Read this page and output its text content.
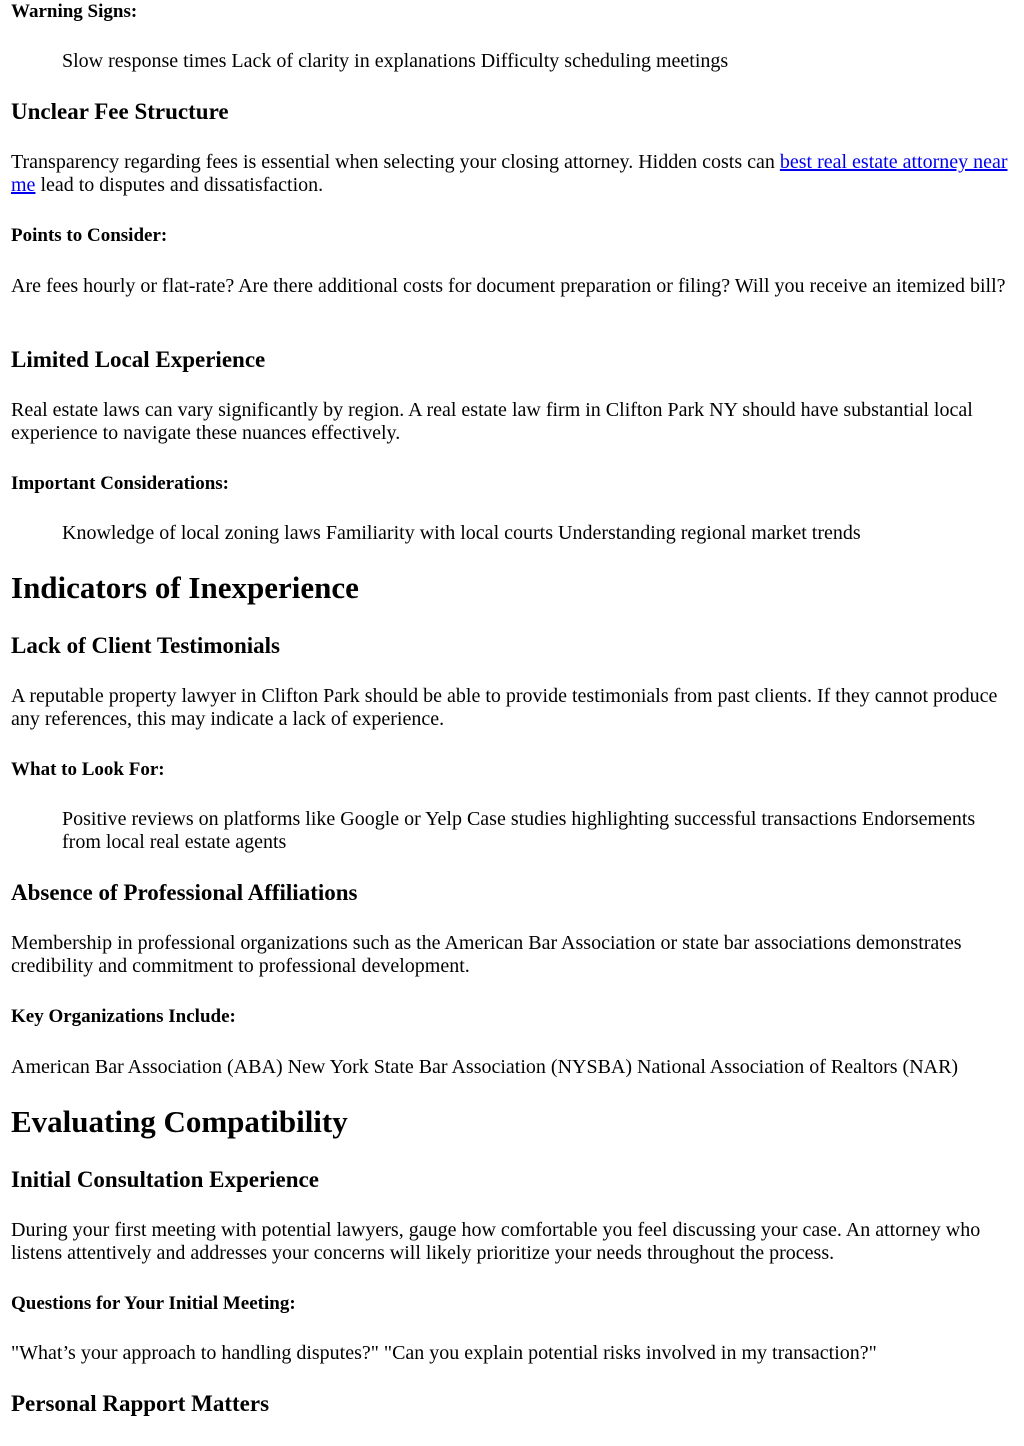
Warning Signs:
Slow response times Lack of clarity in explanations Difficulty scheduling meetings
Unclear Fee Structure
Transparency regarding fees is essential when selecting your closing attorney. Hidden costs can best real estate attorney near me lead to disputes and dissatisfaction.
Points to Consider:
Are fees hourly or flat-rate? Are there additional costs for document preparation or filing? Will you receive an itemized bill?
Limited Local Experience
Real estate laws can vary significantly by region. A real estate law firm in Clifton Park NY should have substantial local experience to navigate these nuances effectively.
Important Considerations:
Knowledge of local zoning laws Familiarity with local courts Understanding regional market trends
Indicators of Inexperience
Lack of Client Testimonials
A reputable property lawyer in Clifton Park should be able to provide testimonials from past clients. If they cannot produce any references, this may indicate a lack of experience.
What to Look For:
Positive reviews on platforms like Google or Yelp Case studies highlighting successful transactions Endorsements from local real estate agents
Absence of Professional Affiliations
Membership in professional organizations such as the American Bar Association or state bar associations demonstrates credibility and commitment to professional development.
Key Organizations Include:
American Bar Association (ABA) New York State Bar Association (NYSBA) National Association of Realtors (NAR)
Evaluating Compatibility
Initial Consultation Experience
During your first meeting with potential lawyers, gauge how comfortable you feel discussing your case. An attorney who listens attentively and addresses your concerns will likely prioritize your needs throughout the process.
Questions for Your Initial Meeting:
"What’s your approach to handling disputes?" "Can you explain potential risks involved in my transaction?"
Personal Rapport Matters
